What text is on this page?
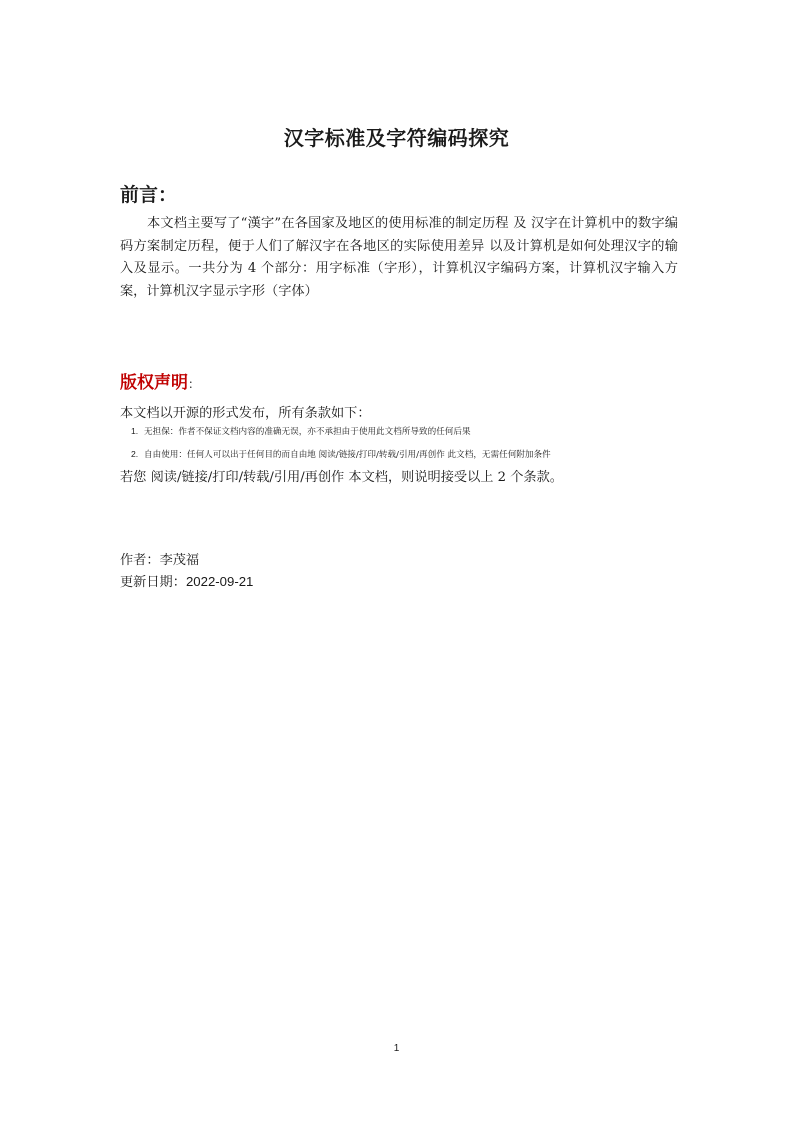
汉字标准及字符编码探究
前言：
本文档主要写了“漢字”在各国家及地区的使用标准的制定历程 及 汉字在计算机中的数字编码方案制定历程，便于人们了解汉字在各地区的实际使用差异 以及计算机是如何处理汉字的输入及显示。一共分为 4 个部分：用字标准（字形），计算机汉字编码方案，计算机汉字输入方案，计算机汉字显示字形（字体）
版权声明：
本文档以开源的形式发布，所有条款如下：
1. 无担保：作者不保证文档内容的准确无误，亦不承担由于使用此文档所导致的任何后果
2. 自由使用：任何人可以出于任何目的而自由地 阅读/链接/打印/转载/引用/再创作 此文档，无需任何附加条件
若您 阅读/链接/打印/转载/引用/再创作 本文档，则说明接受以上 2 个条款。
作者：李茂福
更新日期：2022-09-21
1
